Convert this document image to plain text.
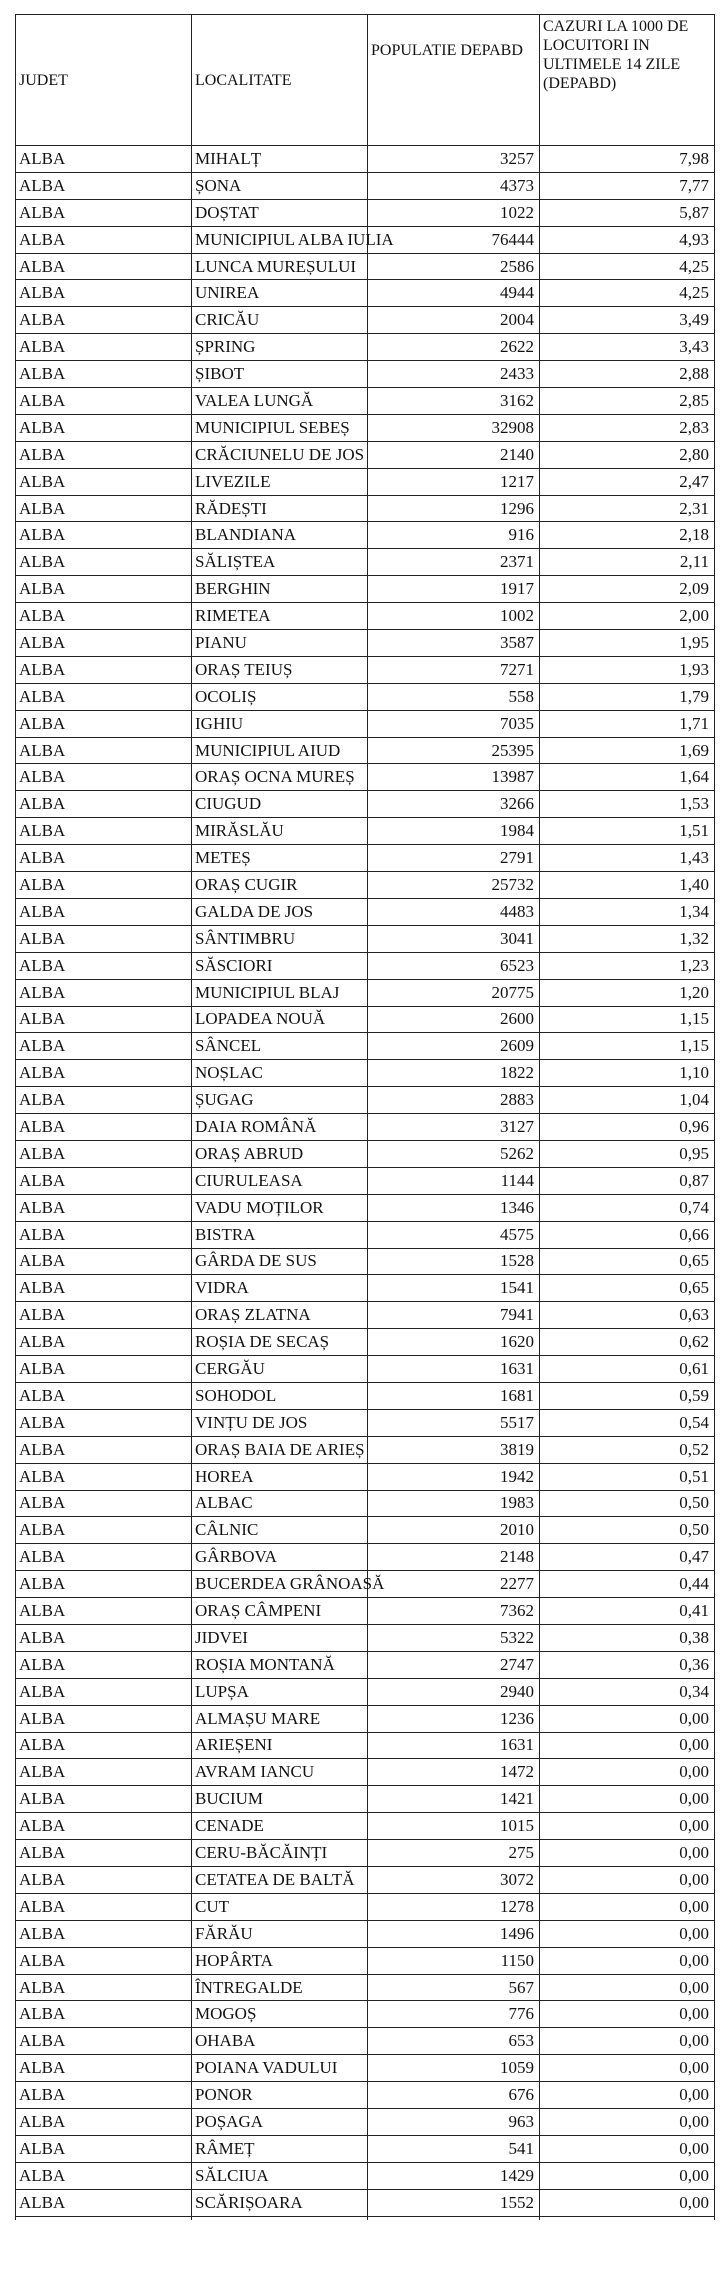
JUDET	LOCALITATE	POPULATIE DEPABD	CAZURI LA 1000 DE LOCUITORI IN ULTIMELE 14 ZILE (DEPABD)
ALBA	MIHALȚ	3257	7,98
ALBA	ȘONA	4373	7,77
ALBA	DOȘTAT	1022	5,87
ALBA	MUNICIPIUL ALBA IULIA	76444	4,93
ALBA	LUNCA MUREȘULUI	2586	4,25
ALBA	UNIREA	4944	4,25
ALBA	CRICĂU	2004	3,49
ALBA	ȘPRING	2622	3,43
ALBA	ȘIBOT	2433	2,88
ALBA	VALEA LUNGĂ	3162	2,85
ALBA	MUNICIPIUL SEBEȘ	32908	2,83
ALBA	CRĂCIUNELU DE JOS	2140	2,80
ALBA	LIVEZILE	1217	2,47
ALBA	RĂDEȘTI	1296	2,31
ALBA	BLANDIANA	916	2,18
ALBA	SĂLIȘTEA	2371	2,11
ALBA	BERGHIN	1917	2,09
ALBA	RIMETEA	1002	2,00
ALBA	PIANU	3587	1,95
ALBA	ORAȘ TEIUȘ	7271	1,93
ALBA	OCOLIȘ	558	1,79
ALBA	IGHIU	7035	1,71
ALBA	MUNICIPIUL AIUD	25395	1,69
ALBA	ORAȘ OCNA MUREȘ	13987	1,64
ALBA	CIUGUD	3266	1,53
ALBA	MIRĂSLĂU	1984	1,51
ALBA	METEȘ	2791	1,43
ALBA	ORAȘ CUGIR	25732	1,40
ALBA	GALDA DE JOS	4483	1,34
ALBA	SÂNTIMBRU	3041	1,32
ALBA	SĂSCIORI	6523	1,23
ALBA	MUNICIPIUL BLAJ	20775	1,20
ALBA	LOPADEA NOUĂ	2600	1,15
ALBA	SÂNCEL	2609	1,15
ALBA	NOȘLAC	1822	1,10
ALBA	ȘUGAG	2883	1,04
ALBA	DAIA ROMÂNĂ	3127	0,96
ALBA	ORAȘ ABRUD	5262	0,95
ALBA	CIURULEASA	1144	0,87
ALBA	VADU MOȚILOR	1346	0,74
ALBA	BISTRA	4575	0,66
ALBA	GÂRDA DE SUS	1528	0,65
ALBA	VIDRA	1541	0,65
ALBA	ORAȘ ZLATNA	7941	0,63
ALBA	ROȘIA DE SECAȘ	1620	0,62
ALBA	CERGĂU	1631	0,61
ALBA	SOHODOL	1681	0,59
ALBA	VINȚU DE JOS	5517	0,54
ALBA	ORAȘ BAIA DE ARIEȘ	3819	0,52
ALBA	HOREA	1942	0,51
ALBA	ALBAC	1983	0,50
ALBA	CÂLNIC	2010	0,50
ALBA	GÂRBOVA	2148	0,47
ALBA	BUCERDEA GRÂNOASĂ	2277	0,44
ALBA	ORAȘ CÂMPENI	7362	0,41
ALBA	JIDVEI	5322	0,38
ALBA	ROȘIA MONTANĂ	2747	0,36
ALBA	LUPȘA	2940	0,34
ALBA	ALMAȘU MARE	1236	0,00
ALBA	ARIEȘENI	1631	0,00
ALBA	AVRAM IANCU	1472	0,00
ALBA	BUCIUM	1421	0,00
ALBA	CENADE	1015	0,00
ALBA	CERU-BĂCĂINȚI	275	0,00
ALBA	CETATEA DE BALTĂ	3072	0,00
ALBA	CUT	1278	0,00
ALBA	FĂRĂU	1496	0,00
ALBA	HOPÂRTA	1150	0,00
ALBA	ÎNTREGALDE	567	0,00
ALBA	MOGOȘ	776	0,00
ALBA	OHABA	653	0,00
ALBA	POIANA VADULUI	1059	0,00
ALBA	PONOR	676	0,00
ALBA	POȘAGA	963	0,00
ALBA	RÂMEȚ	541	0,00
ALBA	SĂLCIUA	1429	0,00
ALBA	SCĂRIȘOARA	1552	0,00
